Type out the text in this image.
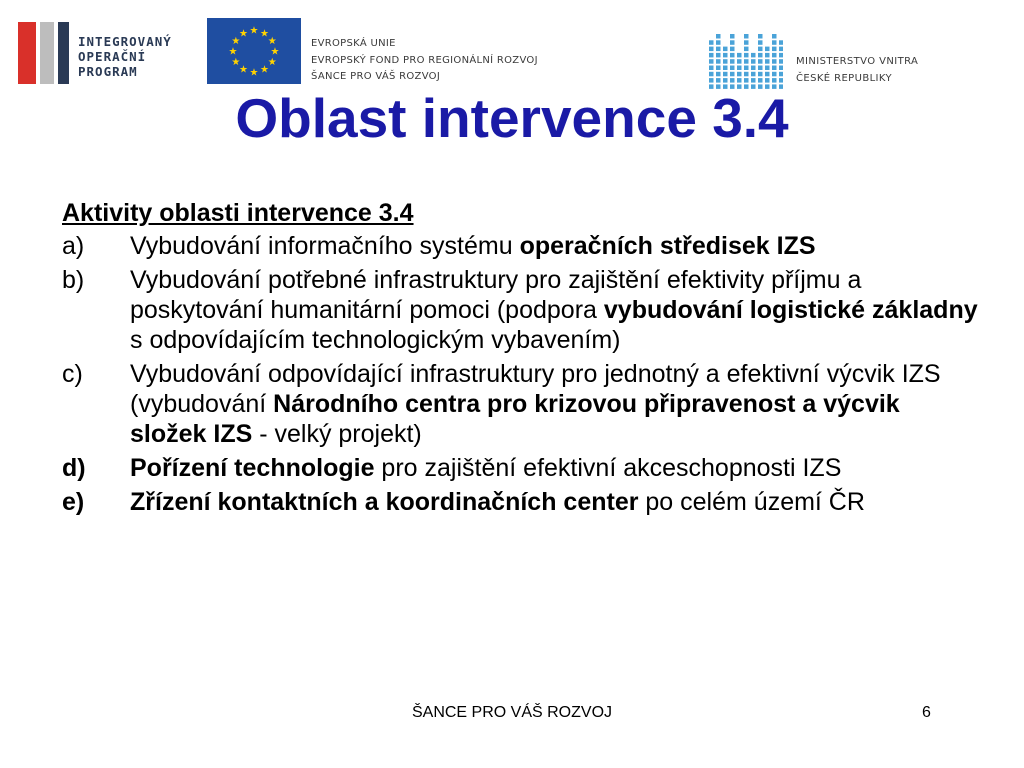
INTEGROVANÝ
OPERAČNÍ
PROGRAM
★ ★
★
★
★
★
★
★
★
★
★
★
EVROPSKÁ UNIE
EVROPSKÝ FOND PRO REGIONÁLNÍ ROZVOJ
ŠANCE PRO VÁŠ ROZVOJ
MINISTERSTVO VNITRA
ČESKÉ REPUBLIKY
Oblast intervence 3.4
Aktivity oblasti intervence 3.4
a)	Vybudování informačního systému operačních středisek IZS
b)	Vybudování potřebné infrastruktury pro zajištění efektivity příjmu a poskytování humanitární pomoci (podpora vybudování logistické základny s odpovídajícím technologickým vybavením)
c)	Vybudování odpovídající infrastruktury pro jednotný a efektivní výcvik IZS (vybudování Národního centra pro krizovou připravenost a výcvik složek IZS - velký projekt)
d)	Pořízení technologie pro zajištění efektivní akceschopnosti IZS
e)	Zřízení kontaktních a koordinačních center po celém území ČR
ŠANCE PRO VÁŠ ROZVOJ	6
